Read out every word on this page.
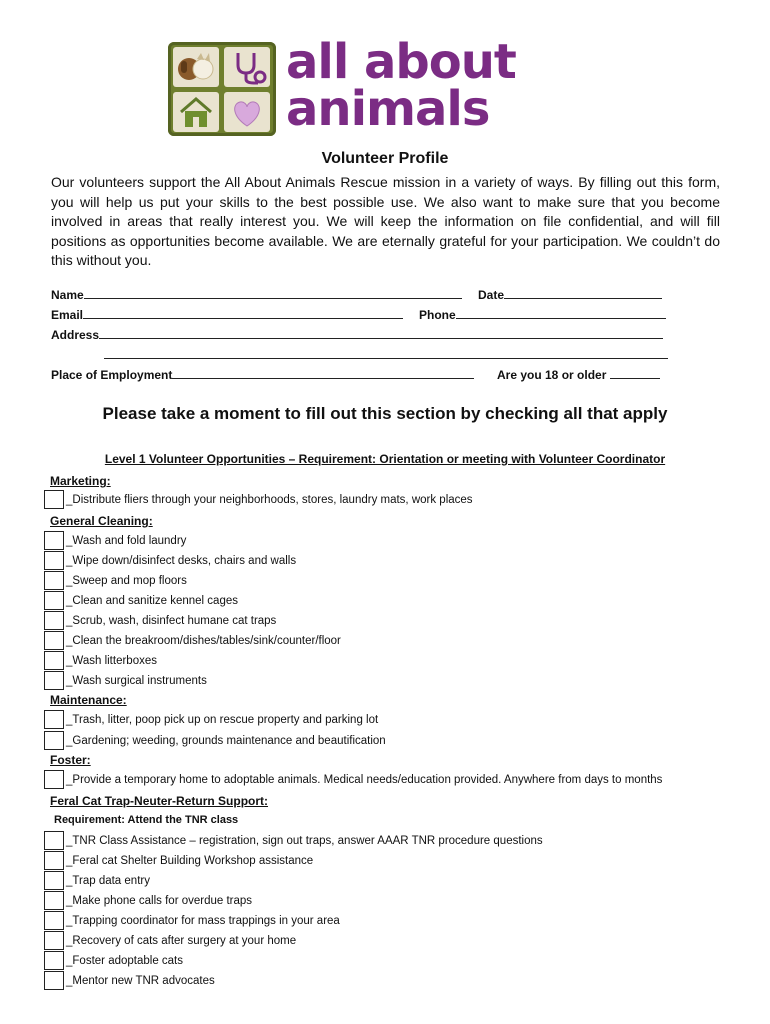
all about
animals
Volunteer Profile
Our volunteers support the All About Animals Rescue mission in a variety of ways. By filling out this form, you will help us put your skills to the best possible use. We also want to make sure that you become involved in areas that really interest you. We will keep the information on file confidential, and will fill positions as opportunities become available. We are eternally grateful for your participation. We couldn’t do this without you.
Name	Date
Email	Phone
Address
Place of Employment	Are you 18 or older
Please take a moment to fill out this section by checking all that apply
Level 1 Volunteer Opportunities – Requirement: Orientation or meeting with Volunteer Coordinator
Marketing:
_ Distribute fliers through your neighborhoods, stores, laundry mats, work places
General Cleaning:
_ Wash and fold laundry
_ Wipe down/disinfect desks, chairs and walls
_ Sweep and mop floors
_ Clean and sanitize kennel cages
_ Scrub, wash, disinfect humane cat traps
_ Clean the breakroom/dishes/tables/sink/counter/floor
_ Wash litterboxes
_ Wash surgical instruments
Maintenance:
_ Trash, litter, poop pick up on rescue property and parking lot
_ Gardening; weeding, grounds maintenance and beautification
Foster:
_ Provide a temporary home to adoptable animals. Medical needs/education provided. Anywhere from days to months
Feral Cat Trap-Neuter-Return Support:
Requirement: Attend the TNR class
_ TNR Class Assistance – registration, sign out traps, answer AAAR TNR procedure questions
_ Feral cat Shelter Building Workshop assistance
_ Trap data entry
_ Make phone calls for overdue traps
_ Trapping coordinator for mass trappings in your area
_ Recovery of cats after surgery at your home
_ Foster adoptable cats
_ Mentor new TNR advocates
